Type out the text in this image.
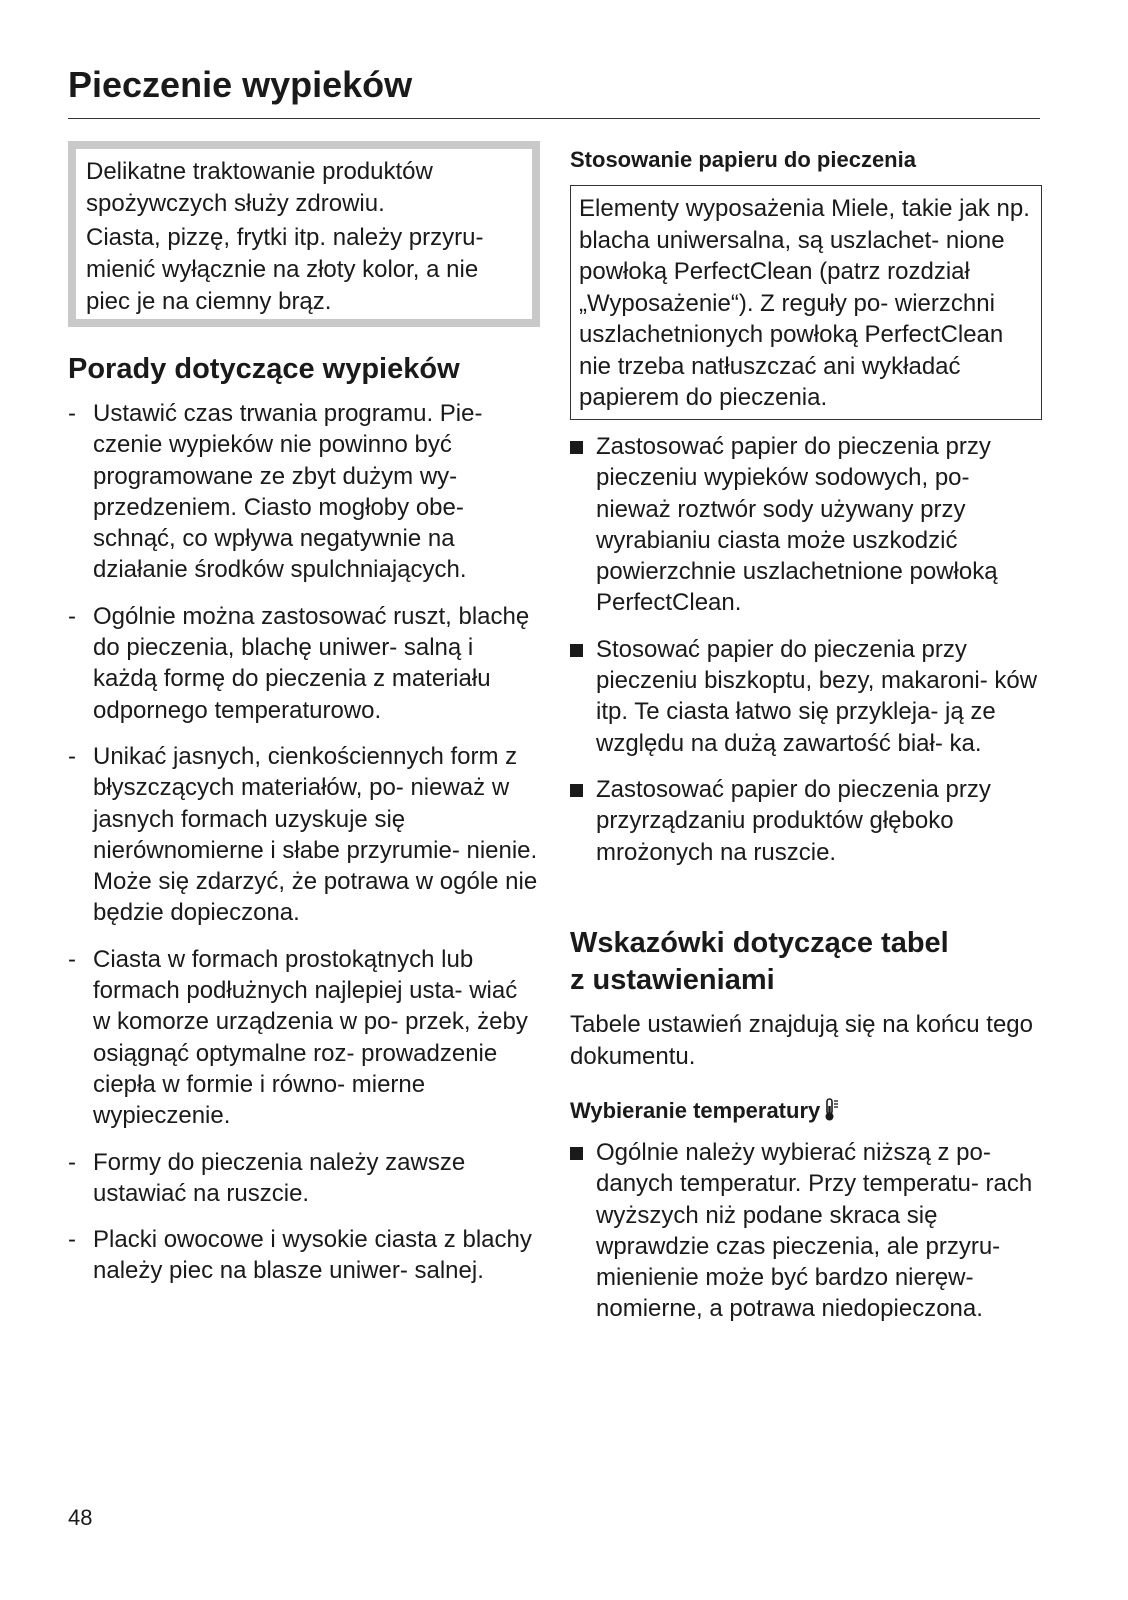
Pieczenie wypieków

Delikatne traktowanie produktów spożywczych służy zdrowiu.

Ciasta, pizzę, frytki itp. należy przyru- mienić wyłącznie na złoty kolor, a nie piec je na ciemny brąz.

Porady dotyczące wypieków
- Ustawić czas trwania programu. Pie- czenie wypieków nie powinno być programowane ze zbyt dużym wy- przedzeniem. Ciasto mogłoby obe- schnąć, co wpływa negatywnie na działanie środków spulchniających.
- Ogólnie można zastosować ruszt, blachę do pieczenia, blachę uniwer- salną i każdą formę do pieczenia z materiału odpornego temperaturowo.
- Unikać jasnych, cienkościennych form z błyszczących materiałów, po- nieważ w jasnych formach uzyskuje się nierównomierne i słabe przyrumie- nienie. Może się zdarzyć, że potrawa w ogóle nie będzie dopieczona.
- Ciasta w formach prostokątnych lub formach podłużnych najlepiej usta- wiać w komorze urządzenia w po- przek, żeby osiągnąć optymalne roz- prowadzenie ciepła w formie i równo- mierne wypieczenie.
- Formy do pieczenia należy zawsze ustawiać na ruszcie.
- Placki owocowe i wysokie ciasta z blachy należy piec na blasze uniwer- salnej.
Stosowanie papieru do pieczenia
Elementy wyposażenia Miele, takie jak np. blacha uniwersalna, są uszlachet- nione powłoką PerfectClean (patrz rozdział „Wyposażenie“). Z reguły po- wierzchni uszlachetnionych powłoką PerfectClean nie trzeba natłuszczać ani wykładać papierem do pieczenia.
Zastosować papier do pieczenia przy pieczeniu wypieków sodowych, po- nieważ roztwór sody używany przy wyrabianiu ciasta może uszkodzić powierzchnie uszlachetnione powłoką PerfectClean.
Stosować papier do pieczenia przy pieczeniu biszkoptu, bezy, makaroni- ków itp. Te ciasta łatwo się przykleja- ją ze względu na dużą zawartość biał- ka.
Zastosować papier do pieczenia przy przyrządzaniu produktów głęboko mrożonych na ruszcie.
Wskazówki dotyczące tabel
z ustawieniami

Tabele ustawień znajdują się na końcu tego dokumentu.

Wybieranie temperatury
Ogólnie należy wybierać niższą z po- danych temperatur. Przy temperatu- rach wyższych niż podane skraca się wprawdzie czas pieczenia, ale przyru- mienienie może być bardzo nieręw- nomierne, a potrawa niedopieczona.
48
